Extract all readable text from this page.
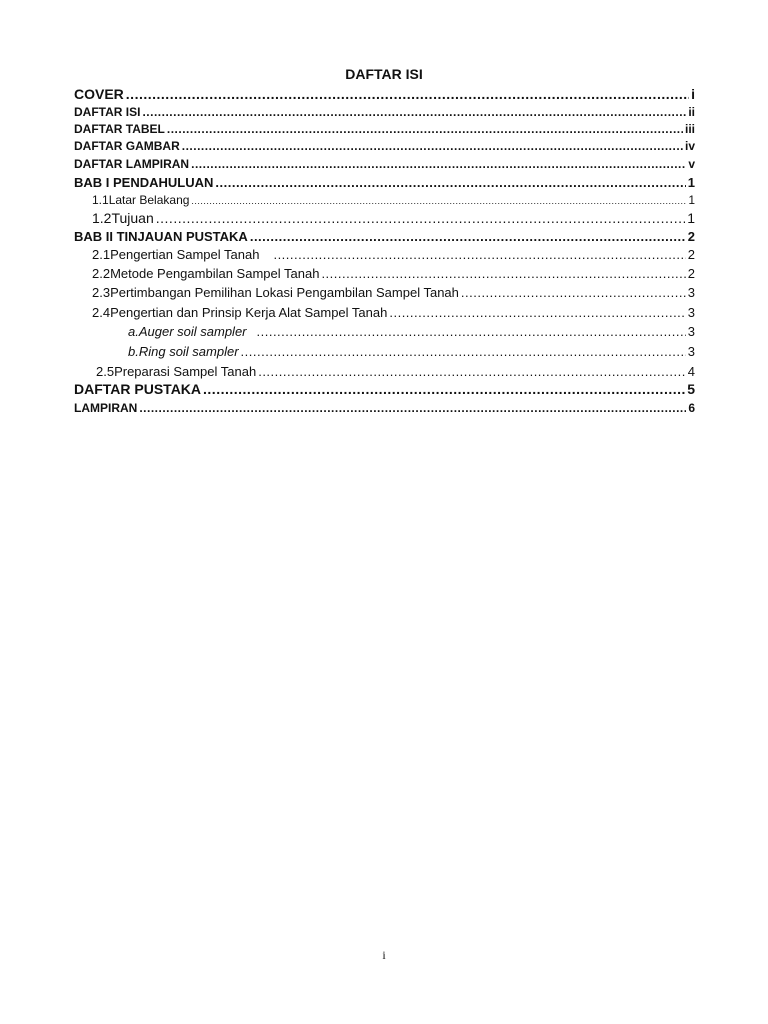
DAFTAR ISI
COVER .....	i
DAFTAR ISI .....	ii
DAFTAR TABEL .....	iii
DAFTAR GAMBAR .....	iv
DAFTAR LAMPIRAN .....	v
BAB I PENDAHULUAN .....	1
1.1 Latar Belakang .....	1
1.2 Tujuan .....	1
BAB II TINJAUAN PUSTAKA .....	2
2.1 Pengertian Sampel Tanah .....	2
2.2 Metode Pengambilan Sampel Tanah .....	2
2.3 Pertimbangan Pemilihan Lokasi Pengambilan Sampel Tanah .....	3
2.4 Pengertian dan Prinsip Kerja Alat Sampel Tanah .....	3
a. Auger soil sampler .....	3
b. Ring soil sampler .....	3
2.5 Preparasi Sampel Tanah .....	4
DAFTAR PUSTAKA .....	5
LAMPIRAN .....	6
i
